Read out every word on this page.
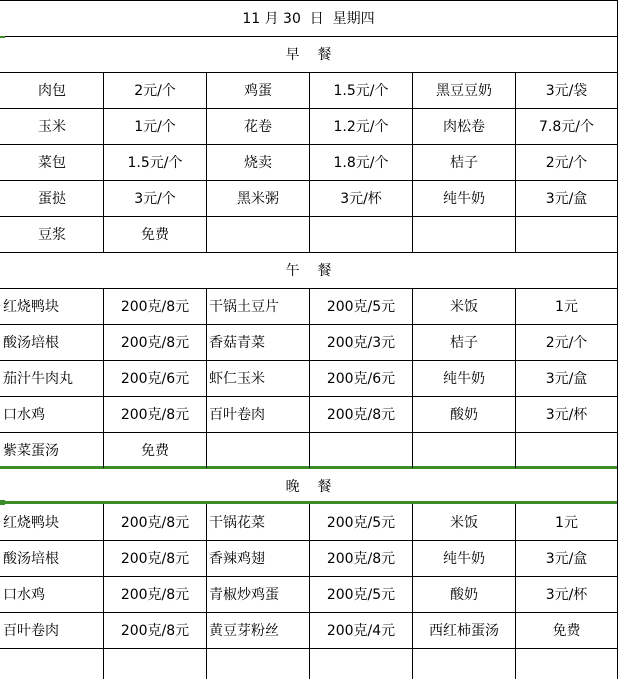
11 月 30  日  星期四
早    餐
肉包	2元/个	鸡蛋	1.5元/个	黑豆豆奶	3元/袋
玉米	1元/个	花卷	1.2元/个	肉松卷	7.8元/个
菜包	1.5元/个	烧卖	1.8元/个	桔子	2元/个
蛋挞	3元/个	黑米粥	3元/杯	纯牛奶	3元/盒
豆浆	免费
午    餐
红烧鸭块	200克/8元	干锅土豆片	200克/5元	米饭	1元
酸汤培根	200克/8元	香菇青菜	200克/3元	桔子	2元/个
茄汁牛肉丸	200克/6元	虾仁玉米	200克/6元	纯牛奶	3元/盒
口水鸡	200克/8元	百叶卷肉	200克/8元	酸奶	3元/杯
紫菜蛋汤	免费
晚    餐
红烧鸭块	200克/8元	干锅花菜	200克/5元	米饭	1元
酸汤培根	200克/8元	香辣鸡翅	200克/8元	纯牛奶	3元/盒
口水鸡	200克/8元	青椒炒鸡蛋	200克/5元	酸奶	3元/杯
百叶卷肉	200克/8元	黄豆芽粉丝	200克/4元	西红柿蛋汤	免费
